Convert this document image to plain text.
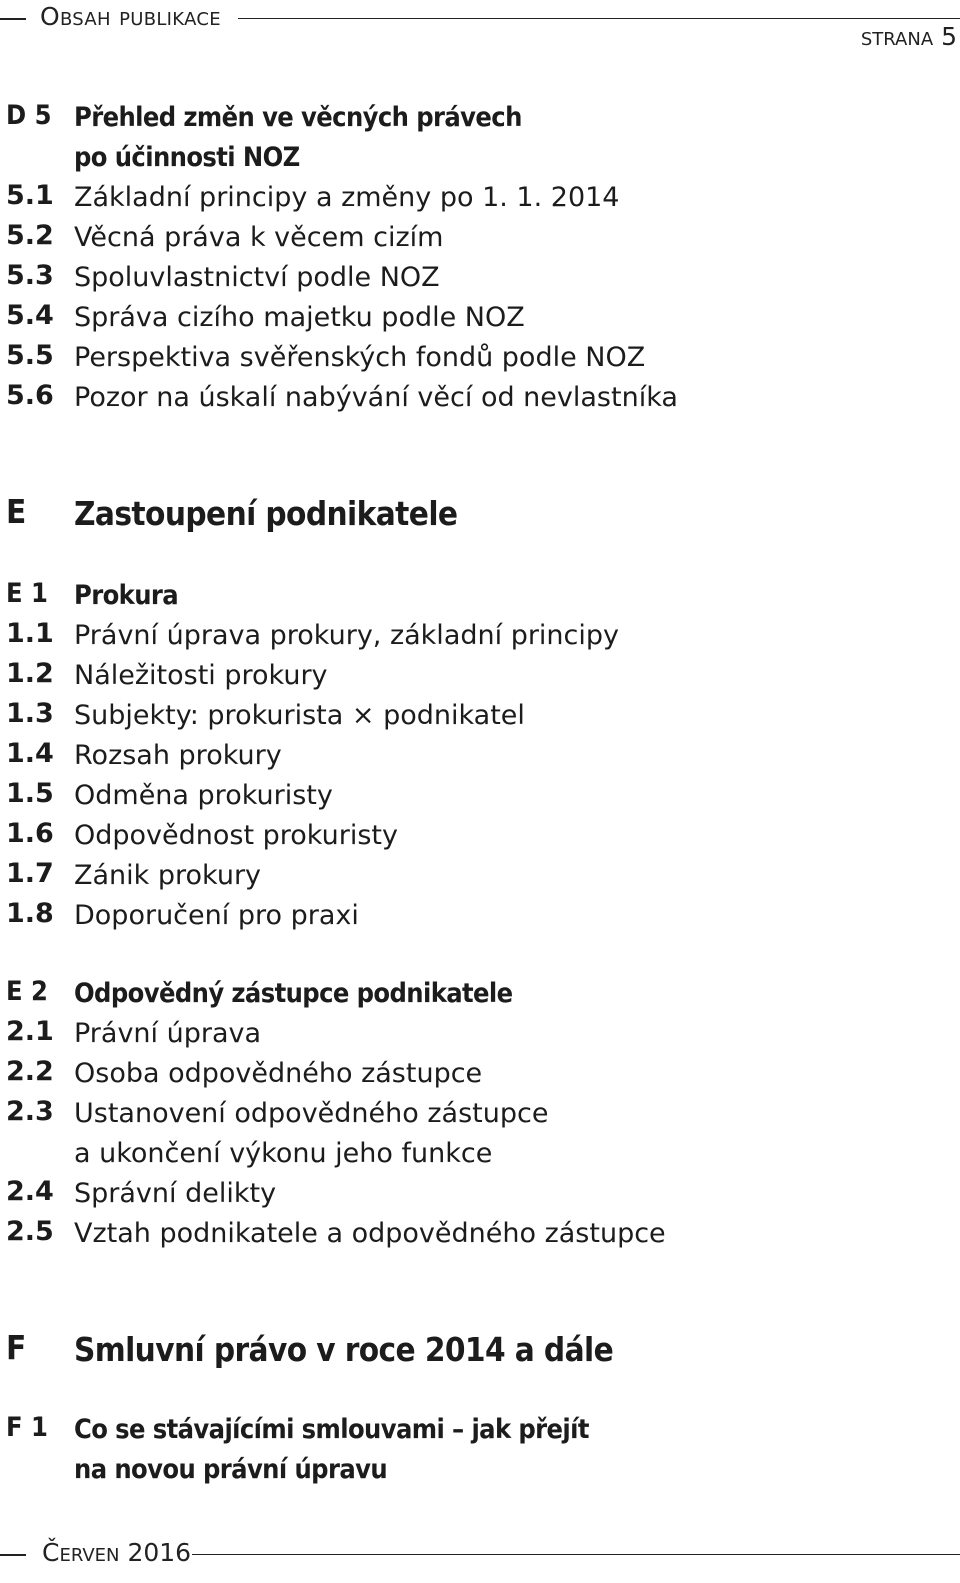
Obsah publikace
strana 5
D 5 Přehled změn ve věcných právech
po účinnosti NOZ
5.1 Základní principy a změny po 1. 1. 2014
5.2 Věcná práva k věcem cizím
5.3 Spoluvlastnictví podle NOZ
5.4 Správa cizího majetku podle NOZ
5.5 Perspektiva svěřenských fondů podle NOZ
5.6 Pozor na úskalí nabývání věcí od nevlastníka
E Zastoupení podnikatele
E 1 Prokura
1.1 Právní úprava prokury, základní principy
1.2 Náležitosti prokury
1.3 Subjekty: prokurista × podnikatel
1.4 Rozsah prokury
1.5 Odměna prokuristy
1.6 Odpovědnost prokuristy
1.7 Zánik prokury
1.8 Doporučení pro praxi
E 2 Odpovědný zástupce podnikatele
2.1 Právní úprava
2.2 Osoba odpovědného zástupce
2.3 Ustanovení odpovědného zástupce
a ukončení výkonu jeho funkce
2.4 Správní delikty
2.5 Vztah podnikatele a odpovědného zástupce
F Smluvní právo v roce 2014 a dále
F 1 Co se stávajícími smlouvami – jak přejít
na novou právní úpravu
Červen 2016
